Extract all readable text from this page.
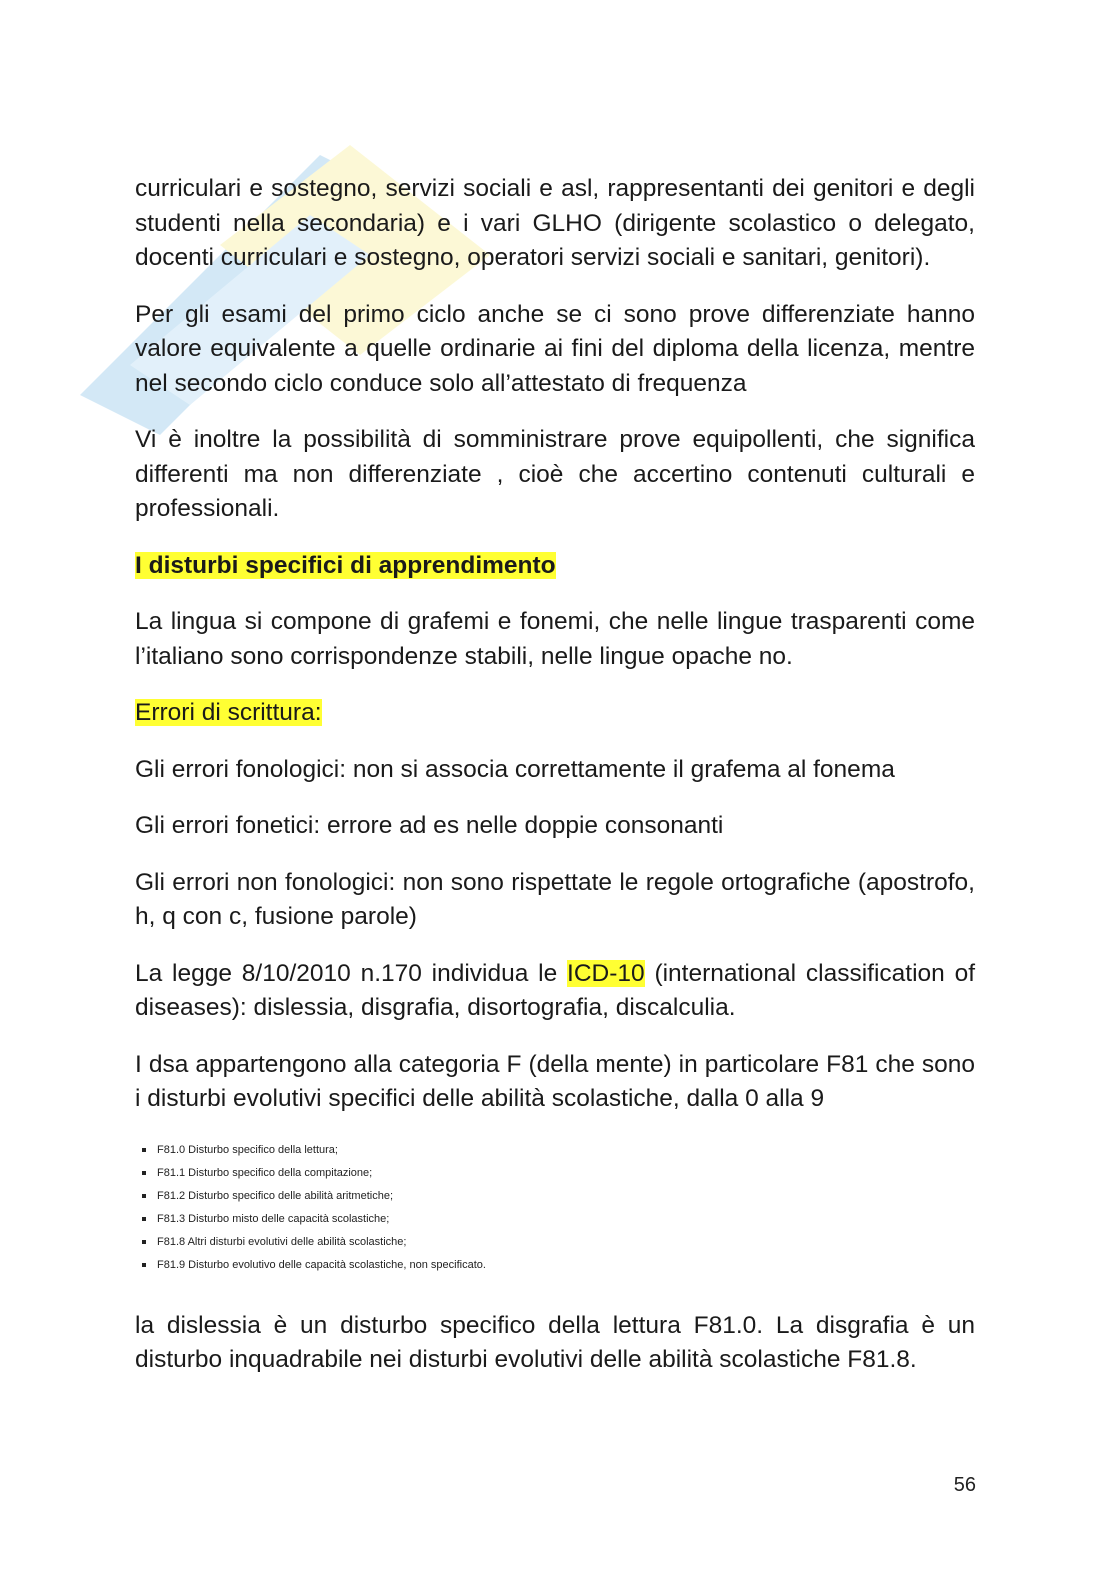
curriculari e sostegno, servizi sociali e asl, rappresentanti dei genitori e degli studenti nella secondaria) e i vari GLHO (dirigente scolastico o delegato, docenti curriculari e sostegno, operatori servizi sociali e sanitari, genitori).

Per gli esami del primo ciclo anche se ci sono prove differenziate hanno valore equivalente a quelle ordinarie ai fini del diploma della licenza, mentre nel secondo ciclo conduce solo all’attestato di frequenza

Vi è inoltre la possibilità di somministrare prove equipollenti, che significa differenti ma non differenziate , cioè che accertino contenuti culturali e professionali.

I disturbi specifici di apprendimento

La lingua si compone di grafemi e fonemi, che nelle lingue trasparenti come l’italiano sono corrispondenze stabili, nelle lingue opache no.

Errori di scrittura:

Gli errori fonologici: non si associa correttamente il grafema al fonema

Gli errori fonetici: errore ad es nelle doppie consonanti

Gli errori non fonologici: non sono rispettate le regole ortografiche (apostrofo, h, q con c, fusione parole)

La legge 8/10/2010 n.170 individua le ICD-10 (international classification of diseases): dislessia, disgrafia, disortografia, discalculia.

I dsa appartengono alla categoria F (della mente) in particolare F81 che sono i disturbi evolutivi specifici delle abilità scolastiche, dalla 0 alla 9

F81.0 Disturbo specifico della lettura;
F81.1 Disturbo specifico della compitazione;
F81.2 Disturbo specifico delle abilità aritmetiche;
F81.3 Disturbo misto delle capacità scolastiche;
F81.8 Altri disturbi evolutivi delle abilità scolastiche;
F81.9 Disturbo evolutivo delle capacità scolastiche, non specificato.

la dislessia è un disturbo specifico della lettura F81.0. La disgrafia è un disturbo inquadrabile nei disturbi evolutivi delle abilità scolastiche F81.8.

56
